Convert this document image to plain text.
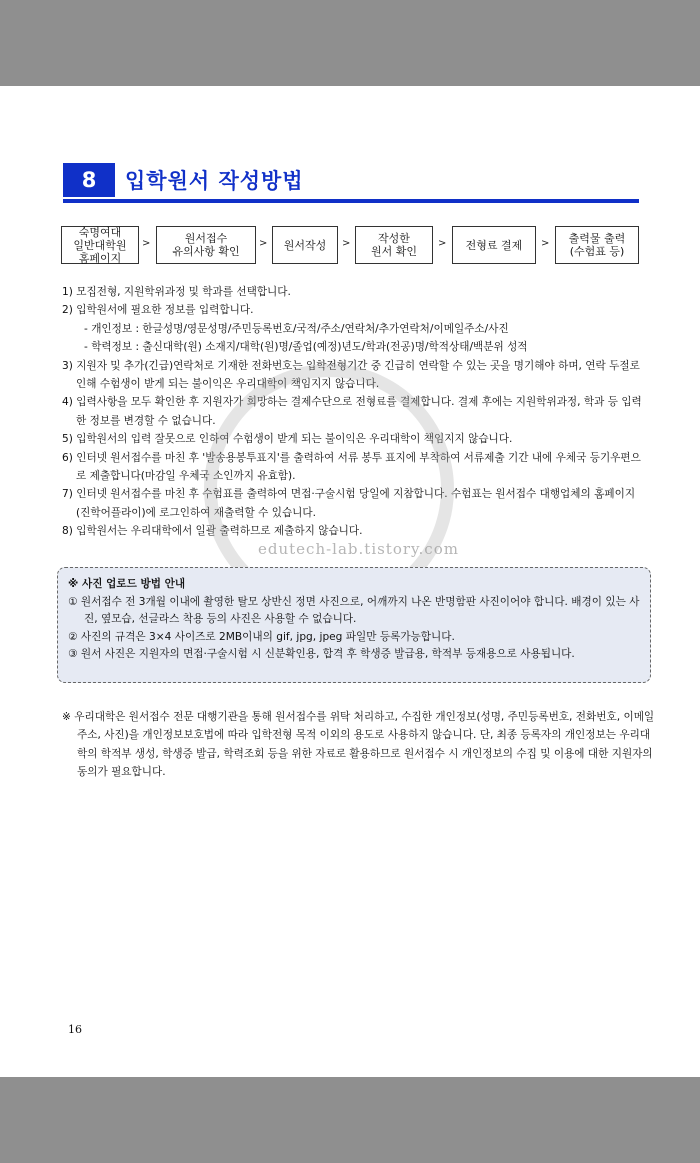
8	입학원서 작성방법
숙명여대
일반대학원
홈페이지
>	원서접수
유의사항 확인
>	원서작성	>	작성한
원서 확인
>	전형료 결제	>	출력물 출력
(수험표 등)

1) 모집전형, 지원학위과정 및 학과를 선택합니다.

2) 입학원서에 필요한 정보를 입력합니다.

- 개인정보 : 한글성명/영문성명/주민등록번호/국적/주소/연락처/추가연락처/이메일주소/사진

- 학력정보 : 출신대학(원) 소재지/대학(원)명/졸업(예정)년도/학과(전공)명/학적상태/백분위 성적

3) 지원자 및 추가(긴급)연락처로 기재한 전화번호는 입학전형기간 중 긴급히 연락할 수 있는 곳을 명기해야 하며, 연락 두절로 인해 수험생이 받게 되는 불이익은 우리대학이 책임지지 않습니다.

4) 입력사항을 모두 확인한 후 지원자가 희망하는 결제수단으로 전형료를 결제합니다. 결제 후에는 지원학위과정, 학과 등 입력한 정보를 변경할 수 없습니다.

5) 입학원서의 입력 잘못으로 인하여 수험생이 받게 되는 불이익은 우리대학이 책임지지 않습니다.

6) 인터넷 원서접수를 마친 후 '발송용봉투표지'를 출력하여 서류 봉투 표지에 부착하여 서류제출 기간 내에 우체국 등기우편으로 제출합니다(마감일 우체국 소인까지 유효함).

7) 인터넷 원서접수를 마친 후 수험표를 출력하여 면접·구술시험 당일에 지참합니다. 수험표는 원서접수 대행업체의 홈페이지(진학어플라이)에 로그인하여 재출력할 수 있습니다.

8) 입학원서는 우리대학에서 일괄 출력하므로 제출하지 않습니다.

edutech-lab.tistory.com

※ 사진 업로드 방법 안내

① 원서접수 전 3개월 이내에 촬영한 탈모 상반신 정면 사진으로, 어깨까지 나온 반명함판 사진이어야 합니다. 배경이 있는 사진, 옆모습, 선글라스 착용 등의 사진은 사용할 수 없습니다.

② 사진의 규격은 3×4 사이즈로 2MB이내의 gif, jpg, jpeg 파일만 등록가능합니다.

③ 원서 사진은 지원자의 면접·구술시험 시 신분확인용, 합격 후 학생증 발급용, 학적부 등재용으로 사용됩니다.

※ 우리대학은 원서접수 전문 대행기관을 통해 원서접수를 위탁 처리하고, 수집한 개인정보(성명, 주민등록번호, 전화번호, 이메일 주소, 사진)을 개인정보보호법에 따라 입학전형 목적 이외의 용도로 사용하지 않습니다. 단, 최종 등록자의 개인정보는 우리대학의 학적부 생성, 학생증 발급, 학력조회 등을 위한 자료로 활용하므로 원서접수 시 개인정보의 수집 및 이용에 대한 지원자의 동의가 필요합니다.
16
